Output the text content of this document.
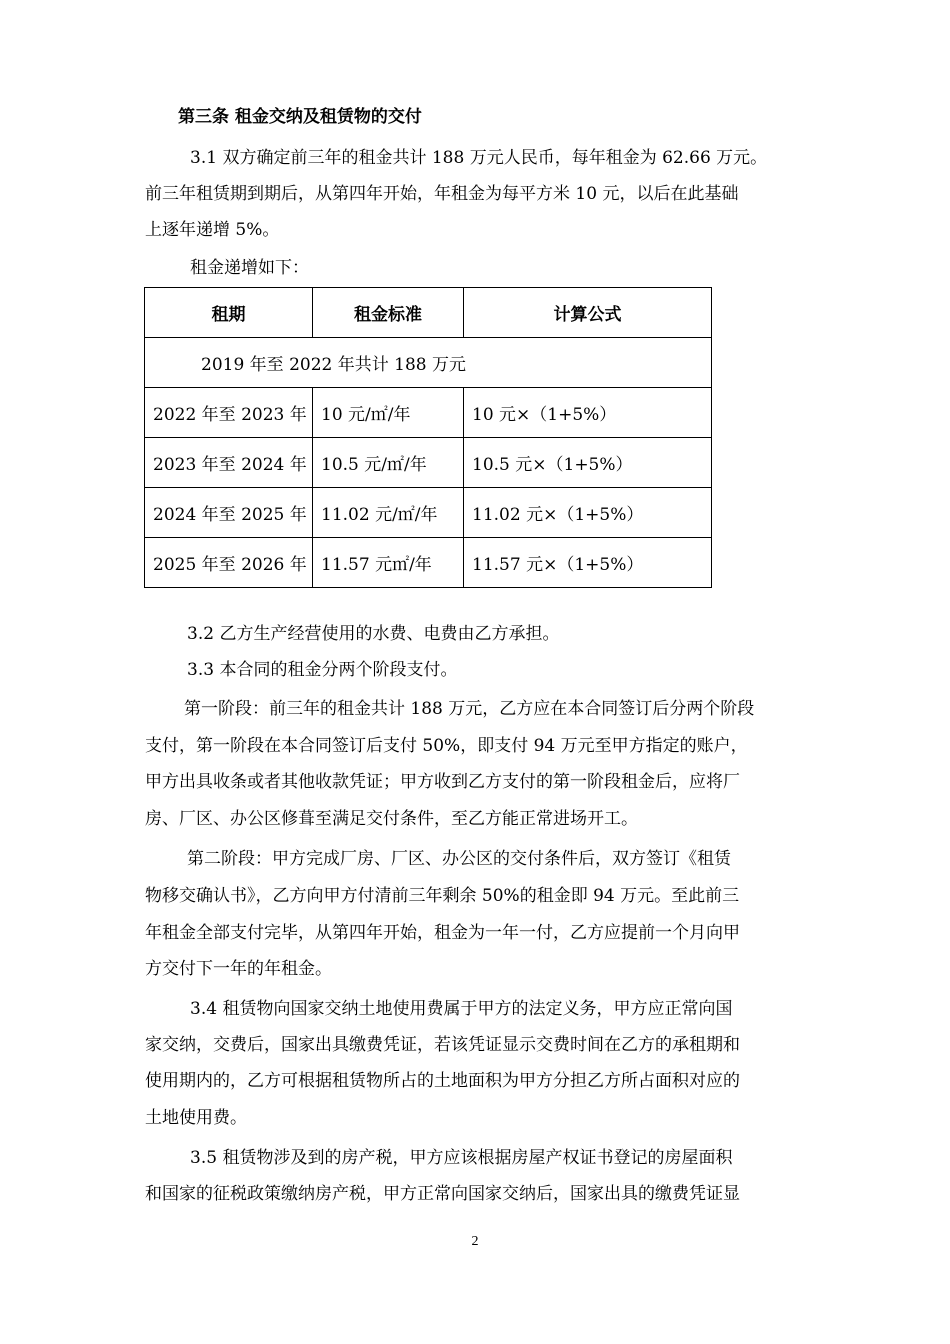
第三条 租金交纳及租赁物的交付
3.1 双方确定前三年的租金共计 188 万元人民币，每年租金为 62.66 万元。
前三年租赁期到期后，从第四年开始，年租金为每平方米 10 元，以后在此基础
上逐年递增 5%。
租金递增如下：
租期	租金标准	计算公式
2019 年至 2022 年共计 188 万元		
2022 年至 2023 年	10 元/㎡/年	10 元×（1+5%）
2023 年至 2024 年	10.5 元/㎡/年	10.5 元×（1+5%）
2024 年至 2025 年	11.02 元/㎡/年	11.02 元×（1+5%）
2025 年至 2026 年	11.57 元㎡/年	11.57 元×（1+5%）
3.2 乙方生产经营使用的水费、电费由乙方承担。
3.3 本合同的租金分两个阶段支付。
第一阶段：前三年的租金共计 188 万元，乙方应在本合同签订后分两个阶段
支付，第一阶段在本合同签订后支付 50%，即支付 94 万元至甲方指定的账户，
甲方出具收条或者其他收款凭证；甲方收到乙方支付的第一阶段租金后，应将厂
房、厂区、办公区修葺至满足交付条件，至乙方能正常进场开工。
第二阶段：甲方完成厂房、厂区、办公区的交付条件后，双方签订《租赁
物移交确认书》，乙方向甲方付清前三年剩余 50%的租金即 94 万元。至此前三
年租金全部支付完毕，从第四年开始，租金为一年一付，乙方应提前一个月向甲
方交付下一年的年租金。
3.4 租赁物向国家交纳土地使用费属于甲方的法定义务，甲方应正常向国
家交纳，交费后，国家出具缴费凭证，若该凭证显示交费时间在乙方的承租期和
使用期内的，乙方可根据租赁物所占的土地面积为甲方分担乙方所占面积对应的
土地使用费。
3.5 租赁物涉及到的房产税，甲方应该根据房屋产权证书登记的房屋面积
和国家的征税政策缴纳房产税，甲方正常向国家交纳后，国家出具的缴费凭证显
2
